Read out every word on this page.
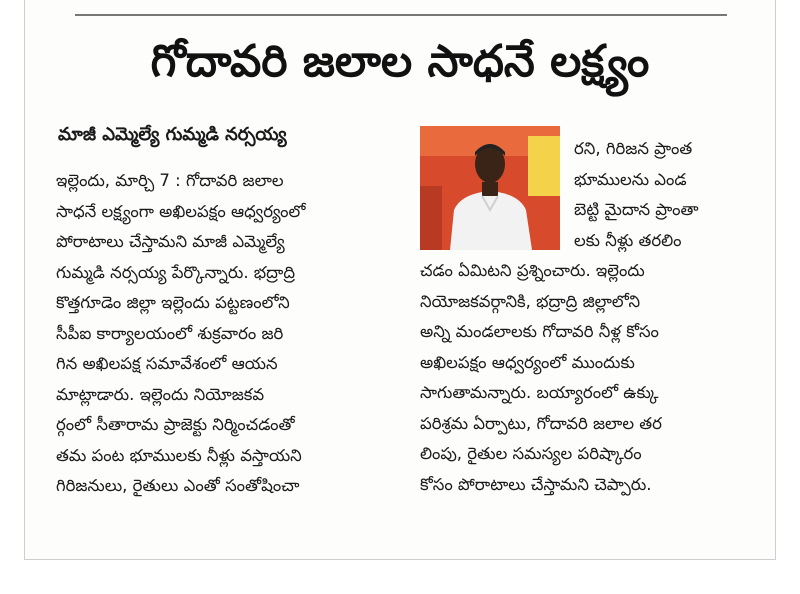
గోదావరి జలాల సాధనే లక్ష్యం
మాజీ ఎమ్మెల్యే గుమ్మడి నర్సయ్య
ఇల్లెందు, మార్చి 7 : గోదావరి జలాల
సాధనే లక్ష్యంగా అఖిలపక్షం ఆధ్వర్యంలో
పోరాటాలు చేస్తామని మాజీ ఎమ్మెల్యే
గుమ్మడి నర్సయ్య పేర్కొన్నారు. భద్రాద్రి
కొత్తగూడెం జిల్లా ఇల్లెందు పట్టణంలోని
సీపీఐ కార్యాలయంలో శుక్రవారం జరి
గిన అఖిలపక్ష సమావేశంలో ఆయన
మాట్లాడారు. ఇల్లెందు నియోజకవ
ర్గంలో సీతారామ ప్రాజెక్టు నిర్మించడంతో
తమ పంట భూములకు నీళ్లు వస్తాయని
గిరిజనులు, రైతులు ఎంతో సంతోషించా
రని, గిరిజన ప్రాంత
భూములను ఎండ
బెట్టి మైదాన ప్రాంతా
లకు నీళ్లు తరలిం
చడం ఏమిటని ప్రశ్నించారు. ఇల్లెందు
నియోజకవర్గానికి, భద్రాద్రి జిల్లాలోని
అన్ని మండలాలకు గోదావరి నీళ్ల కోసం
అఖిలపక్షం ఆధ్వర్యంలో ముందుకు
సాగుతామన్నారు. బయ్యారంలో ఉక్కు
పరిశ్రమ ఏర్పాటు, గోదావరి జలాల తర
లింపు, రైతుల సమస్యల పరిష్కారం
కోసం పోరాటాలు చేస్తామని చెప్పారు.
